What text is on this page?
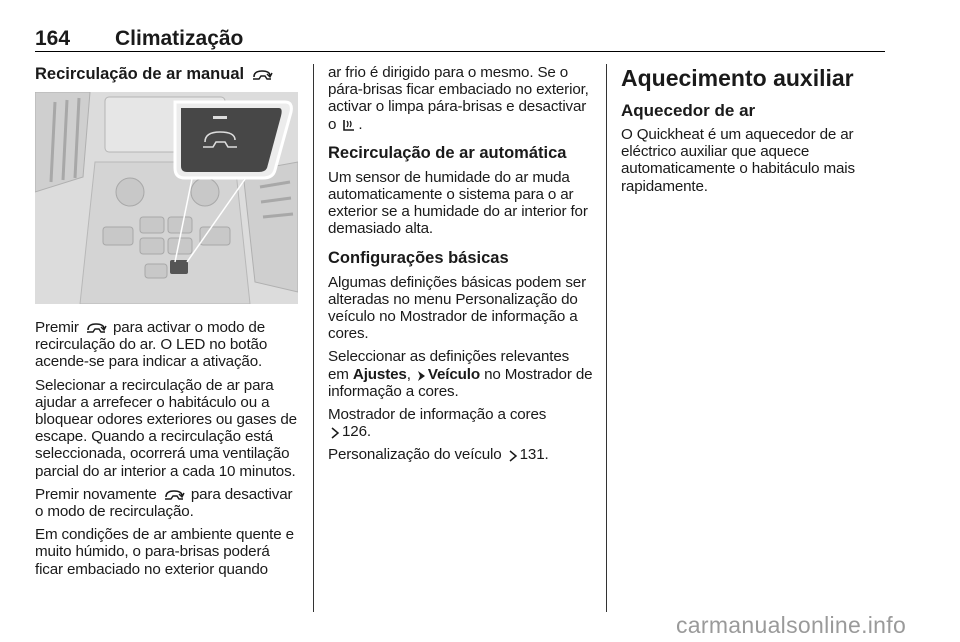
164 Climatização
Recirculação de ar manual

Premir para activar o modo de recirculação do ar. O LED no botão acende-se para indicar a ativação.

Selecionar a recirculação de ar para ajudar a arrefecer o habitáculo ou a bloquear odores exteriores ou gases de escape. Quando a recirculação está seleccionada, ocorrerá uma ventilação parcial do ar interior a cada 10 minutos.

Premir novamente para desactivar o modo de recirculação.

Em condições de ar ambiente quente e muito húmido, o para-brisas poderá ficar embaciado no exterior quando

ar frio é dirigido para o mesmo. Se o pára-brisas ficar embaciado no exterior, activar o limpa pára-brisas e desactivar o .

Recirculação de ar automática

Um sensor de humidade do ar muda automaticamente o sistema para o ar exterior se a humidade do ar interior for demasiado alta.

Configurações básicas

Algumas definições básicas podem ser alteradas no menu Personalização do veículo no Mostrador de informação a cores.

Seleccionar as definições relevantes em Ajustes, Veículo no Mostrador de informação a cores.

Mostrador de informação a cores
126.

Personalização do veículo 131.

Aquecimento auxiliar
Aquecedor de ar

O Quickheat é um aquecedor de ar eléctrico auxiliar que aquece automaticamente o habitáculo mais rapidamente.

carmanualsonline.info
